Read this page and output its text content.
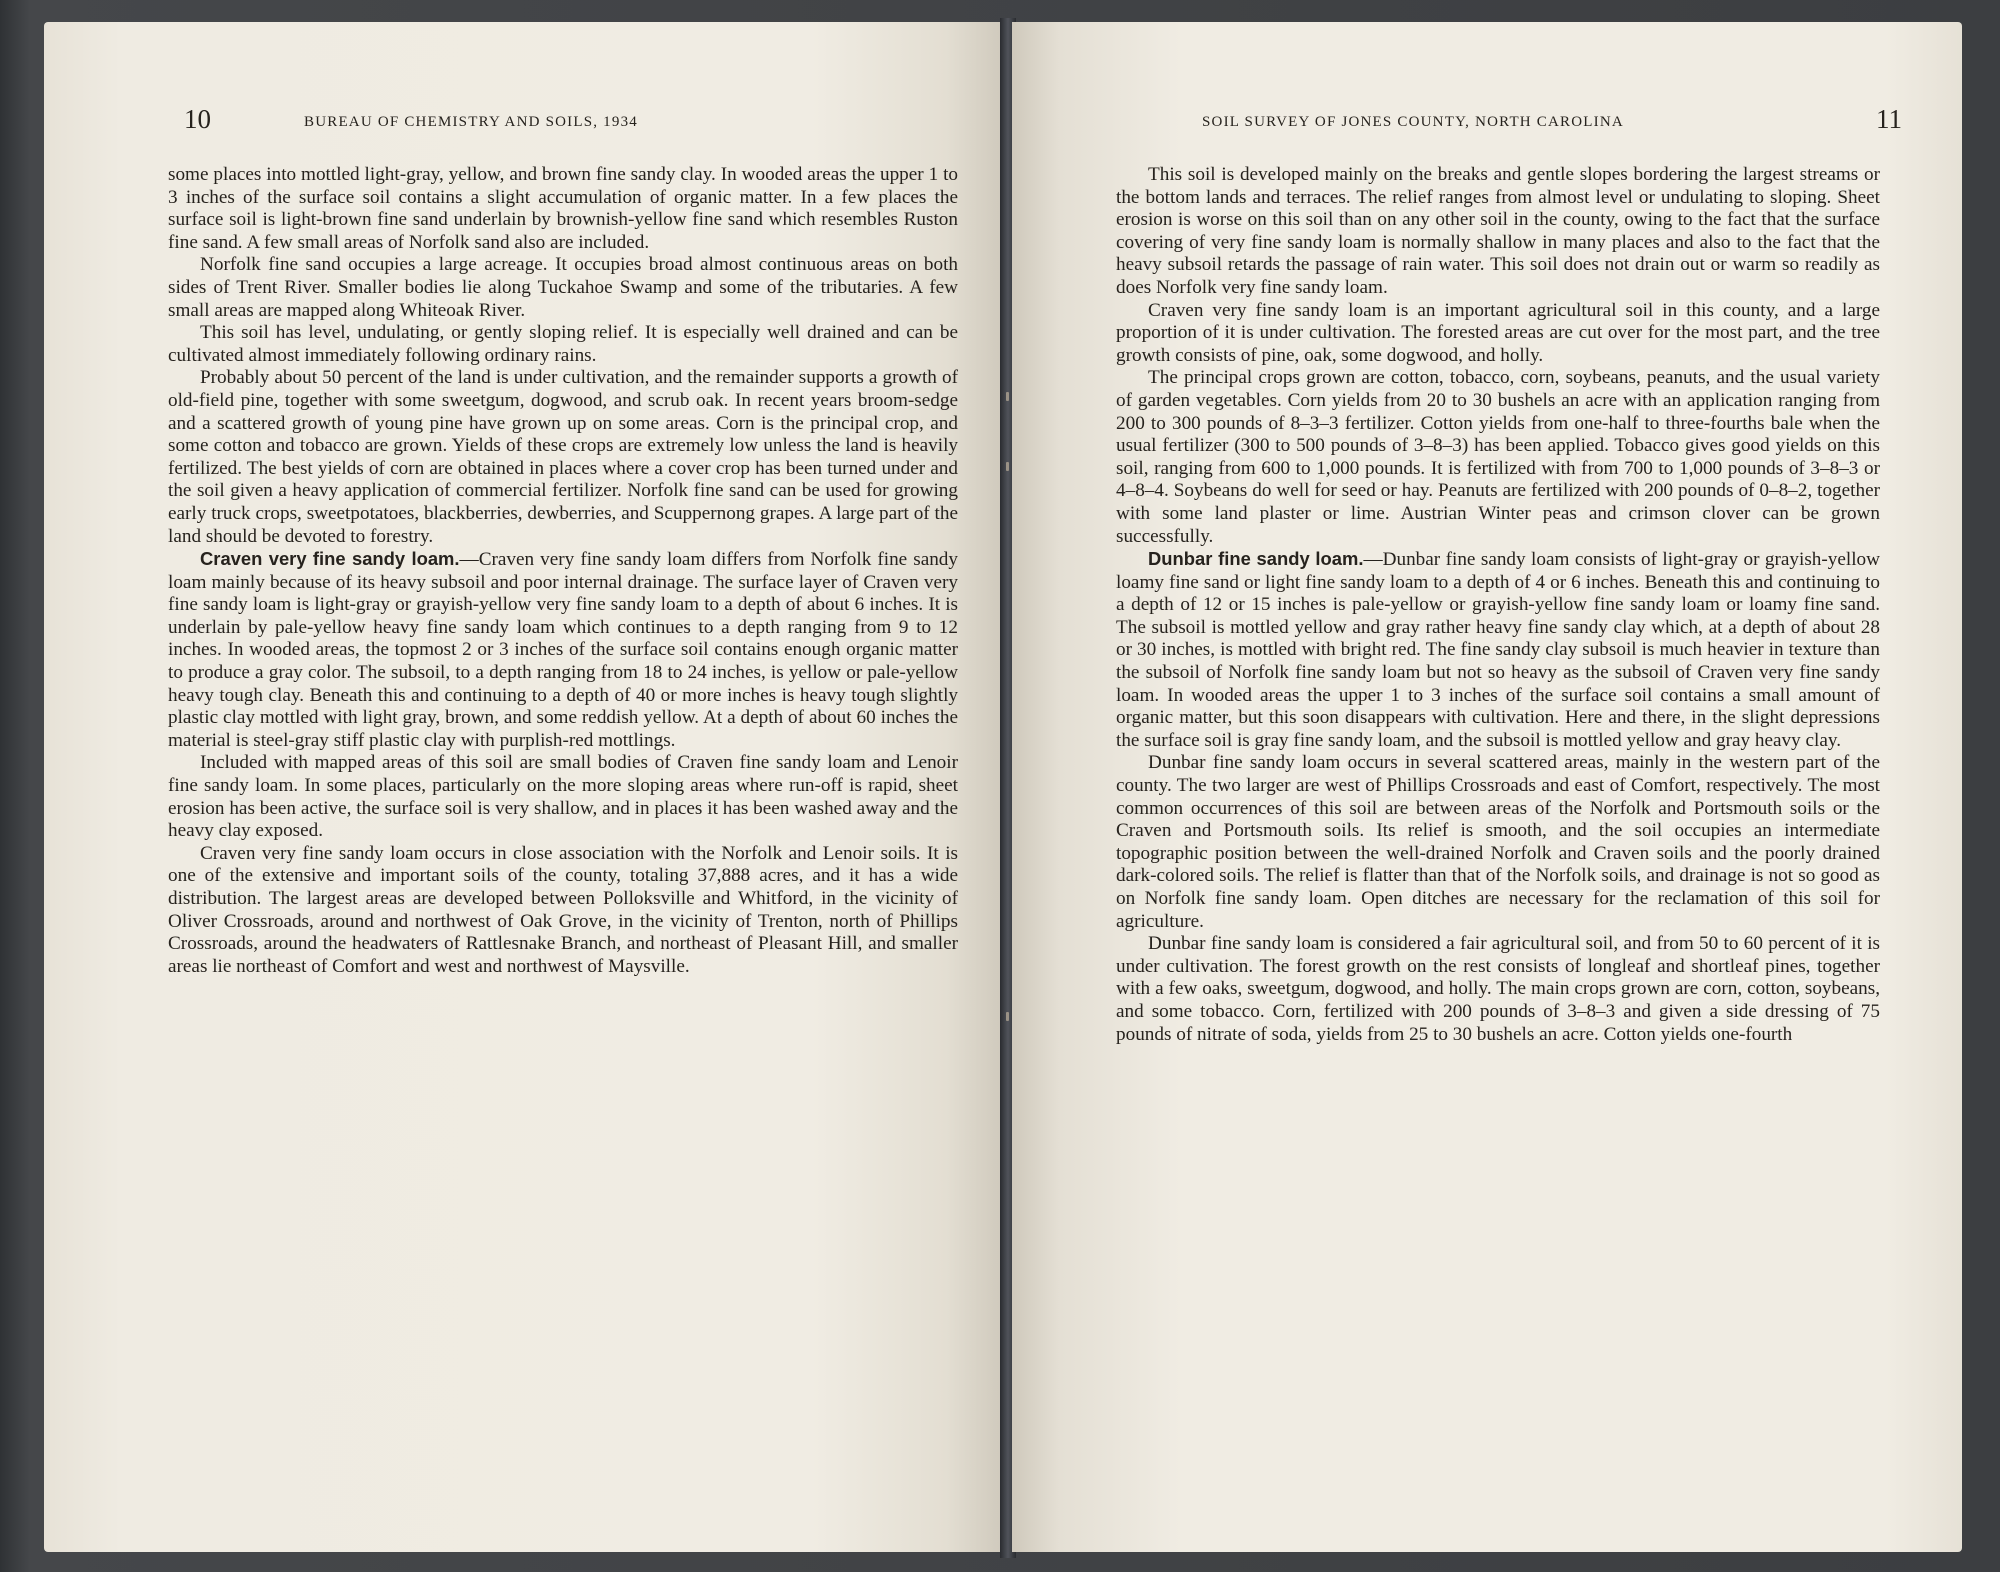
10	BUREAU OF CHEMISTRY AND SOILS, 1934

some places into mottled light-gray, yellow, and brown fine sandy clay. In wooded areas the upper 1 to 3 inches of the surface soil contains a slight accumulation of organic matter. In a few places the surface soil is light-brown fine sand underlain by brownish-yellow fine sand which resembles Ruston fine sand. A few small areas of Norfolk sand also are included.

Norfolk fine sand occupies a large acreage. It occupies broad almost continuous areas on both sides of Trent River. Smaller bodies lie along Tuckahoe Swamp and some of the tributaries. A few small areas are mapped along Whiteoak River.

This soil has level, undulating, or gently sloping relief. It is especially well drained and can be cultivated almost immediately following ordinary rains.

Probably about 50 percent of the land is under cultivation, and the remainder supports a growth of old-field pine, together with some sweetgum, dogwood, and scrub oak. In recent years broom-sedge and a scattered growth of young pine have grown up on some areas. Corn is the principal crop, and some cotton and tobacco are grown. Yields of these crops are extremely low unless the land is heavily fertilized. The best yields of corn are obtained in places where a cover crop has been turned under and the soil given a heavy application of commercial fertilizer. Norfolk fine sand can be used for growing early truck crops, sweetpotatoes, blackberries, dewberries, and Scuppernong grapes. A large part of the land should be devoted to forestry.

Craven very fine sandy loam.—Craven very fine sandy loam differs from Norfolk fine sandy loam mainly because of its heavy subsoil and poor internal drainage. The surface layer of Craven very fine sandy loam is light-gray or grayish-yellow very fine sandy loam to a depth of about 6 inches. It is underlain by pale-yellow heavy fine sandy loam which continues to a depth ranging from 9 to 12 inches. In wooded areas, the topmost 2 or 3 inches of the surface soil contains enough organic matter to produce a gray color. The subsoil, to a depth ranging from 18 to 24 inches, is yellow or pale-yellow heavy tough clay. Beneath this and continuing to a depth of 40 or more inches is heavy tough slightly plastic clay mottled with light gray, brown, and some reddish yellow. At a depth of about 60 inches the material is steel-gray stiff plastic clay with purplish-red mottlings.

Included with mapped areas of this soil are small bodies of Craven fine sandy loam and Lenoir fine sandy loam. In some places, particularly on the more sloping areas where run-off is rapid, sheet erosion has been active, the surface soil is very shallow, and in places it has been washed away and the heavy clay exposed.

Craven very fine sandy loam occurs in close association with the Norfolk and Lenoir soils. It is one of the extensive and important soils of the county, totaling 37,888 acres, and it has a wide distribution. The largest areas are developed between Polloksville and Whitford, in the vicinity of Oliver Crossroads, around and northwest of Oak Grove, in the vicinity of Trenton, north of Phillips Crossroads, around the headwaters of Rattlesnake Branch, and northeast of Pleasant Hill, and smaller areas lie northeast of Comfort and west and northwest of Maysville.

SOIL SURVEY OF JONES COUNTY, NORTH CAROLINA	11

This soil is developed mainly on the breaks and gentle slopes bordering the largest streams or the bottom lands and terraces. The relief ranges from almost level or undulating to sloping. Sheet erosion is worse on this soil than on any other soil in the county, owing to the fact that the surface covering of very fine sandy loam is normally shallow in many places and also to the fact that the heavy subsoil retards the passage of rain water. This soil does not drain out or warm so readily as does Norfolk very fine sandy loam.

Craven very fine sandy loam is an important agricultural soil in this county, and a large proportion of it is under cultivation. The forested areas are cut over for the most part, and the tree growth consists of pine, oak, some dogwood, and holly.

The principal crops grown are cotton, tobacco, corn, soybeans, peanuts, and the usual variety of garden vegetables. Corn yields from 20 to 30 bushels an acre with an application ranging from 200 to 300 pounds of 8–3–3 fertilizer. Cotton yields from one-half to three-fourths bale when the usual fertilizer (300 to 500 pounds of 3–8–3) has been applied. Tobacco gives good yields on this soil, ranging from 600 to 1,000 pounds. It is fertilized with from 700 to 1,000 pounds of 3–8–3 or 4–8–4. Soybeans do well for seed or hay. Peanuts are fertilized with 200 pounds of 0–8–2, together with some land plaster or lime. Austrian Winter peas and crimson clover can be grown successfully.

Dunbar fine sandy loam.—Dunbar fine sandy loam consists of light-gray or grayish-yellow loamy fine sand or light fine sandy loam to a depth of 4 or 6 inches. Beneath this and continuing to a depth of 12 or 15 inches is pale-yellow or grayish-yellow fine sandy loam or loamy fine sand. The subsoil is mottled yellow and gray rather heavy fine sandy clay which, at a depth of about 28 or 30 inches, is mottled with bright red. The fine sandy clay subsoil is much heavier in texture than the subsoil of Norfolk fine sandy loam but not so heavy as the subsoil of Craven very fine sandy loam. In wooded areas the upper 1 to 3 inches of the surface soil contains a small amount of organic matter, but this soon disappears with cultivation. Here and there, in the slight depressions the surface soil is gray fine sandy loam, and the subsoil is mottled yellow and gray heavy clay.

Dunbar fine sandy loam occurs in several scattered areas, mainly in the western part of the county. The two larger are west of Phillips Crossroads and east of Comfort, respectively. The most common occurrences of this soil are between areas of the Norfolk and Portsmouth soils or the Craven and Portsmouth soils. Its relief is smooth, and the soil occupies an intermediate topographic position between the well-drained Norfolk and Craven soils and the poorly drained dark-colored soils. The relief is flatter than that of the Norfolk soils, and drainage is not so good as on Norfolk fine sandy loam. Open ditches are necessary for the reclamation of this soil for agriculture.

Dunbar fine sandy loam is considered a fair agricultural soil, and from 50 to 60 percent of it is under cultivation. The forest growth on the rest consists of longleaf and shortleaf pines, together with a few oaks, sweetgum, dogwood, and holly. The main crops grown are corn, cotton, soybeans, and some tobacco. Corn, fertilized with 200 pounds of 3–8–3 and given a side dressing of 75 pounds of nitrate of soda, yields from 25 to 30 bushels an acre. Cotton yields one-fourth
